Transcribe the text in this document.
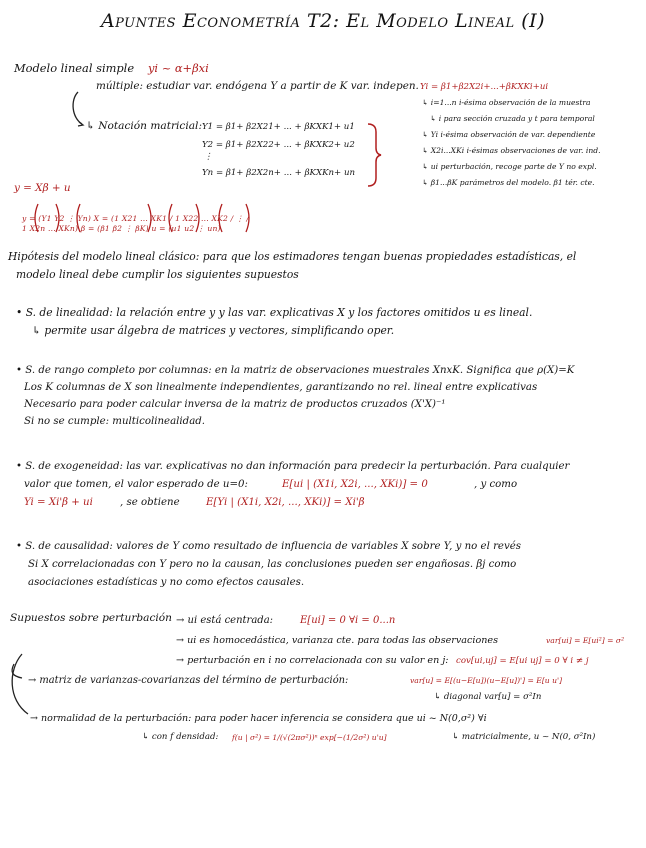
Apuntes Econometría T2: El Modelo Lineal (I)
Modelo lineal simple yi ~ α+βxi
múltiple: estudiar var. endógena Y a partir de K var. indepen. Yi = β1+β2X2i+...+βKXKi+ui
↳ i=1...n i-ésima observación de la muestra
↳ i para sección cruzada y t para temporal
↳ Yi i-ésima observación de var. dependiente
↳ X2i...XKi i-ésimas observaciones de var. ind.
↳ ui perturbación, recoge parte de Y no expl.
↳ β1...βK parámetros del modelo. β1 tér. cte.
↳ Notación matricial: Y1 = β1+ β2X21+ ... + βKXK1+ u1
Y2 = β1+ β2X22+ ... + βKXK2+ u2
⋮
Yn = β1+ β2X2n+ ... + βKXKn+ un
y = Xβ + u
y = (Y1 Y2 ⋮ Yn) X = (1 X21 ... XK1 / 1 X22 ... XK2 / ⋮ / 1 X2n ... XKn) β = (β1 β2 ⋮ βK) u = (u1 u2 ⋮ un)
Hipótesis del modelo lineal clásico: para que los estimadores tengan buenas propiedades estadísticas, el
modelo lineal debe cumplir los siguientes supuestos
• S. de linealidad: la relación entre y y las var. explicativas X y los factores omitidos u es lineal.
↳ permite usar álgebra de matrices y vectores, simplificando oper.
• S. de rango completo por columnas: en la matriz de observaciones muestrales XnxK. Significa que ρ(X)=K
Los K columnas de X son linealmente independientes, garantizando no rel. lineal entre explicativas
Necesario para poder calcular inversa de la matriz de productos cruzados (X'X)⁻¹
Si no se cumple: multicolinealidad.
• S. de exogeneidad: las var. explicativas no dan información para predecir la perturbación. Para cualquier
valor que tomen, el valor esperado de u=0:	E[ui | (X1i, X2i, ..., XKi)] = 0	, y como
Yi = Xi'β + ui	, se obtiene	E[Yi | (X1i, X2i, ..., XKi)] = Xi'β
• S. de causalidad: valores de Y como resultado de influencia de variables X sobre Y, y no el revés
Si X correlacionadas con Y pero no la causan, las conclusiones pueden ser engañosas. βj como
asociaciones estadísticas y no como efectos causales.
Supuestos sobre perturbación → ui está centrada:	E[ui] = 0 ∀i = 0...n
→ ui es homocedástica, varianza cte. para todas las observaciones	var[ui] = E[ui²] = σ²
→ perturbación en i no correlacionada con su valor en j: cov[ui,uj] = E[ui uj] = 0 ∀ i ≠ j
→ matriz de varianzas-covarianzas del término de perturbación:	var[u] = E[(u−E[u])(u−E[u])'] = E[u u']
↳ diagonal var[u] = σ²In
→ normalidad de la perturbación: para poder hacer inferencia se considera que ui ~ N(0,σ²) ∀i
↳ con f densidad: f(u | σ²) = 1/(√(2πσ²))ⁿ exp[−(1/2σ²) u'u]	↳ matricialmente, u ~ N(0, σ²In)
